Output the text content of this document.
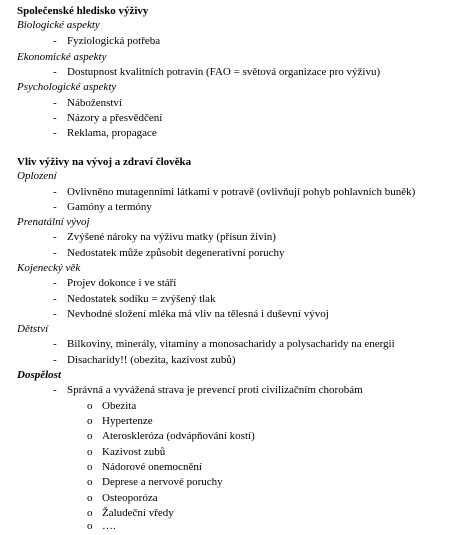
Společenské hledisko výživy
Biologické aspekty
- Fyziologická potřeba
Ekonomické aspekty
- Dostupnost kvalitních potravin (FAO = světová organizace pro výživu)
Psychologické aspekty
- Náboženství
- Názory a přesvědčení
- Reklama, propagace
Vliv výživy na vývoj a zdraví člověka
Oplození
- Ovlivněno mutagenními látkami v potravě (ovlivňují pohyb pohlavních buněk)
- Gamóny a termóny
Prenatální vývoj
- Zvýšené nároky na výživu matky (přísun živin)
- Nedostatek může způsobit degenerativní poruchy
Kojenecký věk
- Projev dokonce i ve stáří
- Nedostatek sodíku = zvýšený tlak
- Nevhodné složení mléka má vliv na tělesná i duševní vývoj
Dětství
- Bilkoviny, minerály, vitamíny a monosacharidy a polysacharidy na energii
- Disacharidy!! (obezita, kazivost zubů)
Dospělost
- Správná a vyvážená strava je prevencí proti civilizačním chorobám
o Obezita
o Hypertenze
o Ateroskleróza (odvápňování kostí)
o Kazivost zubů
o Nádorové onemocnění
o Deprese a nervové poruchy
o Osteoporóza
o Žaludeční vředy
o ….
